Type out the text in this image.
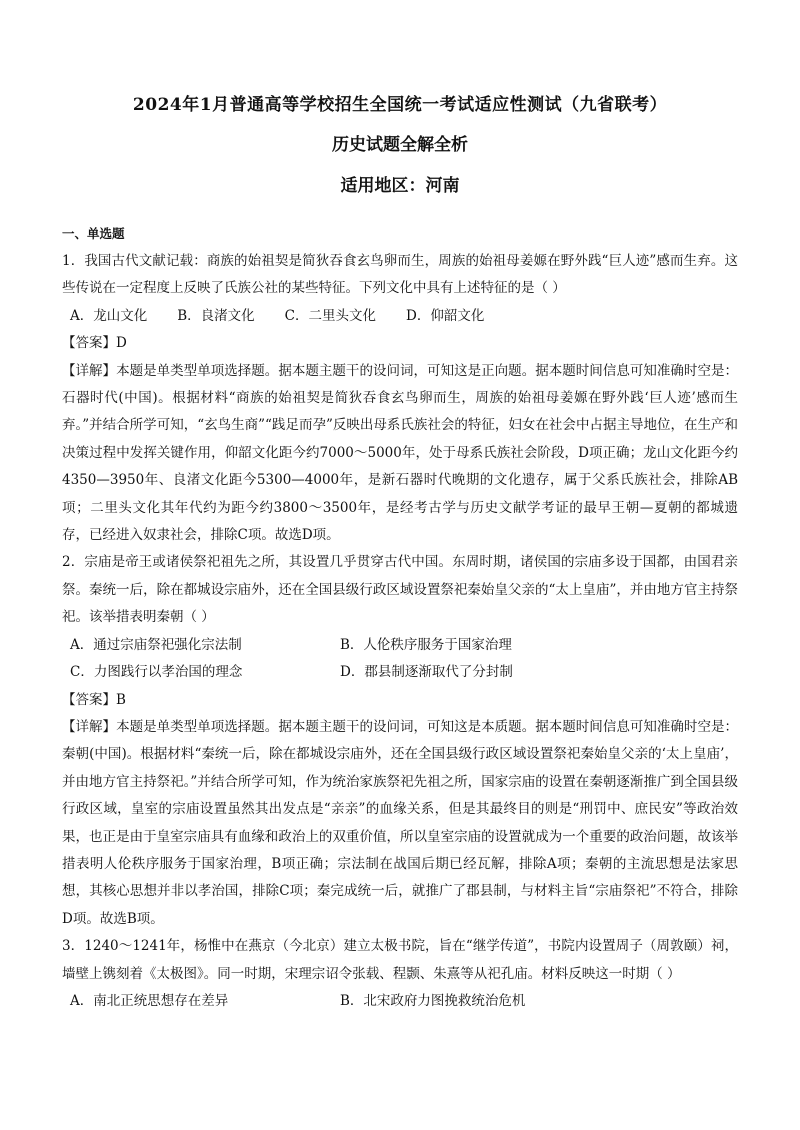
2024年1月普通高等学校招生全国统一考试适应性测试（九省联考）
历史试题全解全析
适用地区：河南
一、单选题

1．我国古代文献记载：商族的始祖契是简狄吞食玄鸟卵而生，周族的始祖母姜嫄在野外践“巨人迹”感而生弃。这些传说在一定程度上反映了氏族公社的某些特征。下列文化中具有上述特征的是（ ）

A．龙山文化 B．良渚文化 C．二里头文化 D．仰韶文化

【答案】D

【详解】本题是单类型单项选择题。据本题主题干的设问词，可知这是正向题。据本题时间信息可知准确时空是：石器时代(中国)。根据材料“商族的始祖契是简狄吞食玄鸟卵而生，周族的始祖母姜嫄在野外践‘巨人迹’感而生弃。”并结合所学可知，“玄鸟生商”“践足而孕”反映出母系氏族社会的特征，妇女在社会中占据主导地位，在生产和决策过程中发挥关键作用，仰韶文化距今约7000～5000年，处于母系氏族社会阶段，D项正确；龙山文化距今约4350—3950年、良渚文化距今5300—4000年，是新石器时代晚期的文化遗存，属于父系氏族社会，排除AB项；二里头文化其年代约为距今约3800～3500年，是经考古学与历史文献学考证的最早王朝—夏朝的都城遗存，已经进入奴隶社会，排除C项。故选D项。

2．宗庙是帝王或诸侯祭祀祖先之所，其设置几乎贯穿古代中国。东周时期，诸侯国的宗庙多设于国都，由国君亲祭。秦统一后，除在都城设宗庙外，还在全国县级行政区域设置祭祀秦始皇父亲的“太上皇庙”，并由地方官主持祭祀。该举措表明秦朝（ ）

A．通过宗庙祭祀强化宗法制	B．人伦秩序服务于国家治理
C．力图践行以孝治国的理念	D．郡县制逐渐取代了分封制

【答案】B

【详解】本题是单类型单项选择题。据本题主题干的设问词，可知这是本质题。据本题时间信息可知准确时空是：秦朝(中国)。根据材料“秦统一后，除在都城设宗庙外，还在全国县级行政区域设置祭祀秦始皇父亲的‘太上皇庙’，并由地方官主持祭祀。”并结合所学可知，作为统治家族祭祀先祖之所，国家宗庙的设置在秦朝逐渐推广到全国县级行政区域，皇室的宗庙设置虽然其出发点是“亲亲”的血缘关系，但是其最终目的则是“刑罚中、庶民安”等政治效果，也正是由于皇室宗庙具有血缘和政治上的双重价值，所以皇室宗庙的设置就成为一个重要的政治问题，故该举措表明人伦秩序服务于国家治理，B项正确；宗法制在战国后期已经瓦解，排除A项；秦朝的主流思想是法家思想，其核心思想并非以孝治国，排除C项；秦完成统一后，就推广了郡县制，与材料主旨“宗庙祭祀”不符合，排除D项。故选B项。

3．1240～1241年，杨惟中在燕京（今北京）建立太极书院，旨在“继学传道”，书院内设置周子（周敦颐）祠，墙壁上镌刻着《太极图》。同一时期，宋理宗诏令张载、程颢、朱熹等从祀孔庙。材料反映这一时期（ ）

A．南北正统思想存在差异	B．北宋政府力图挽救统治危机
